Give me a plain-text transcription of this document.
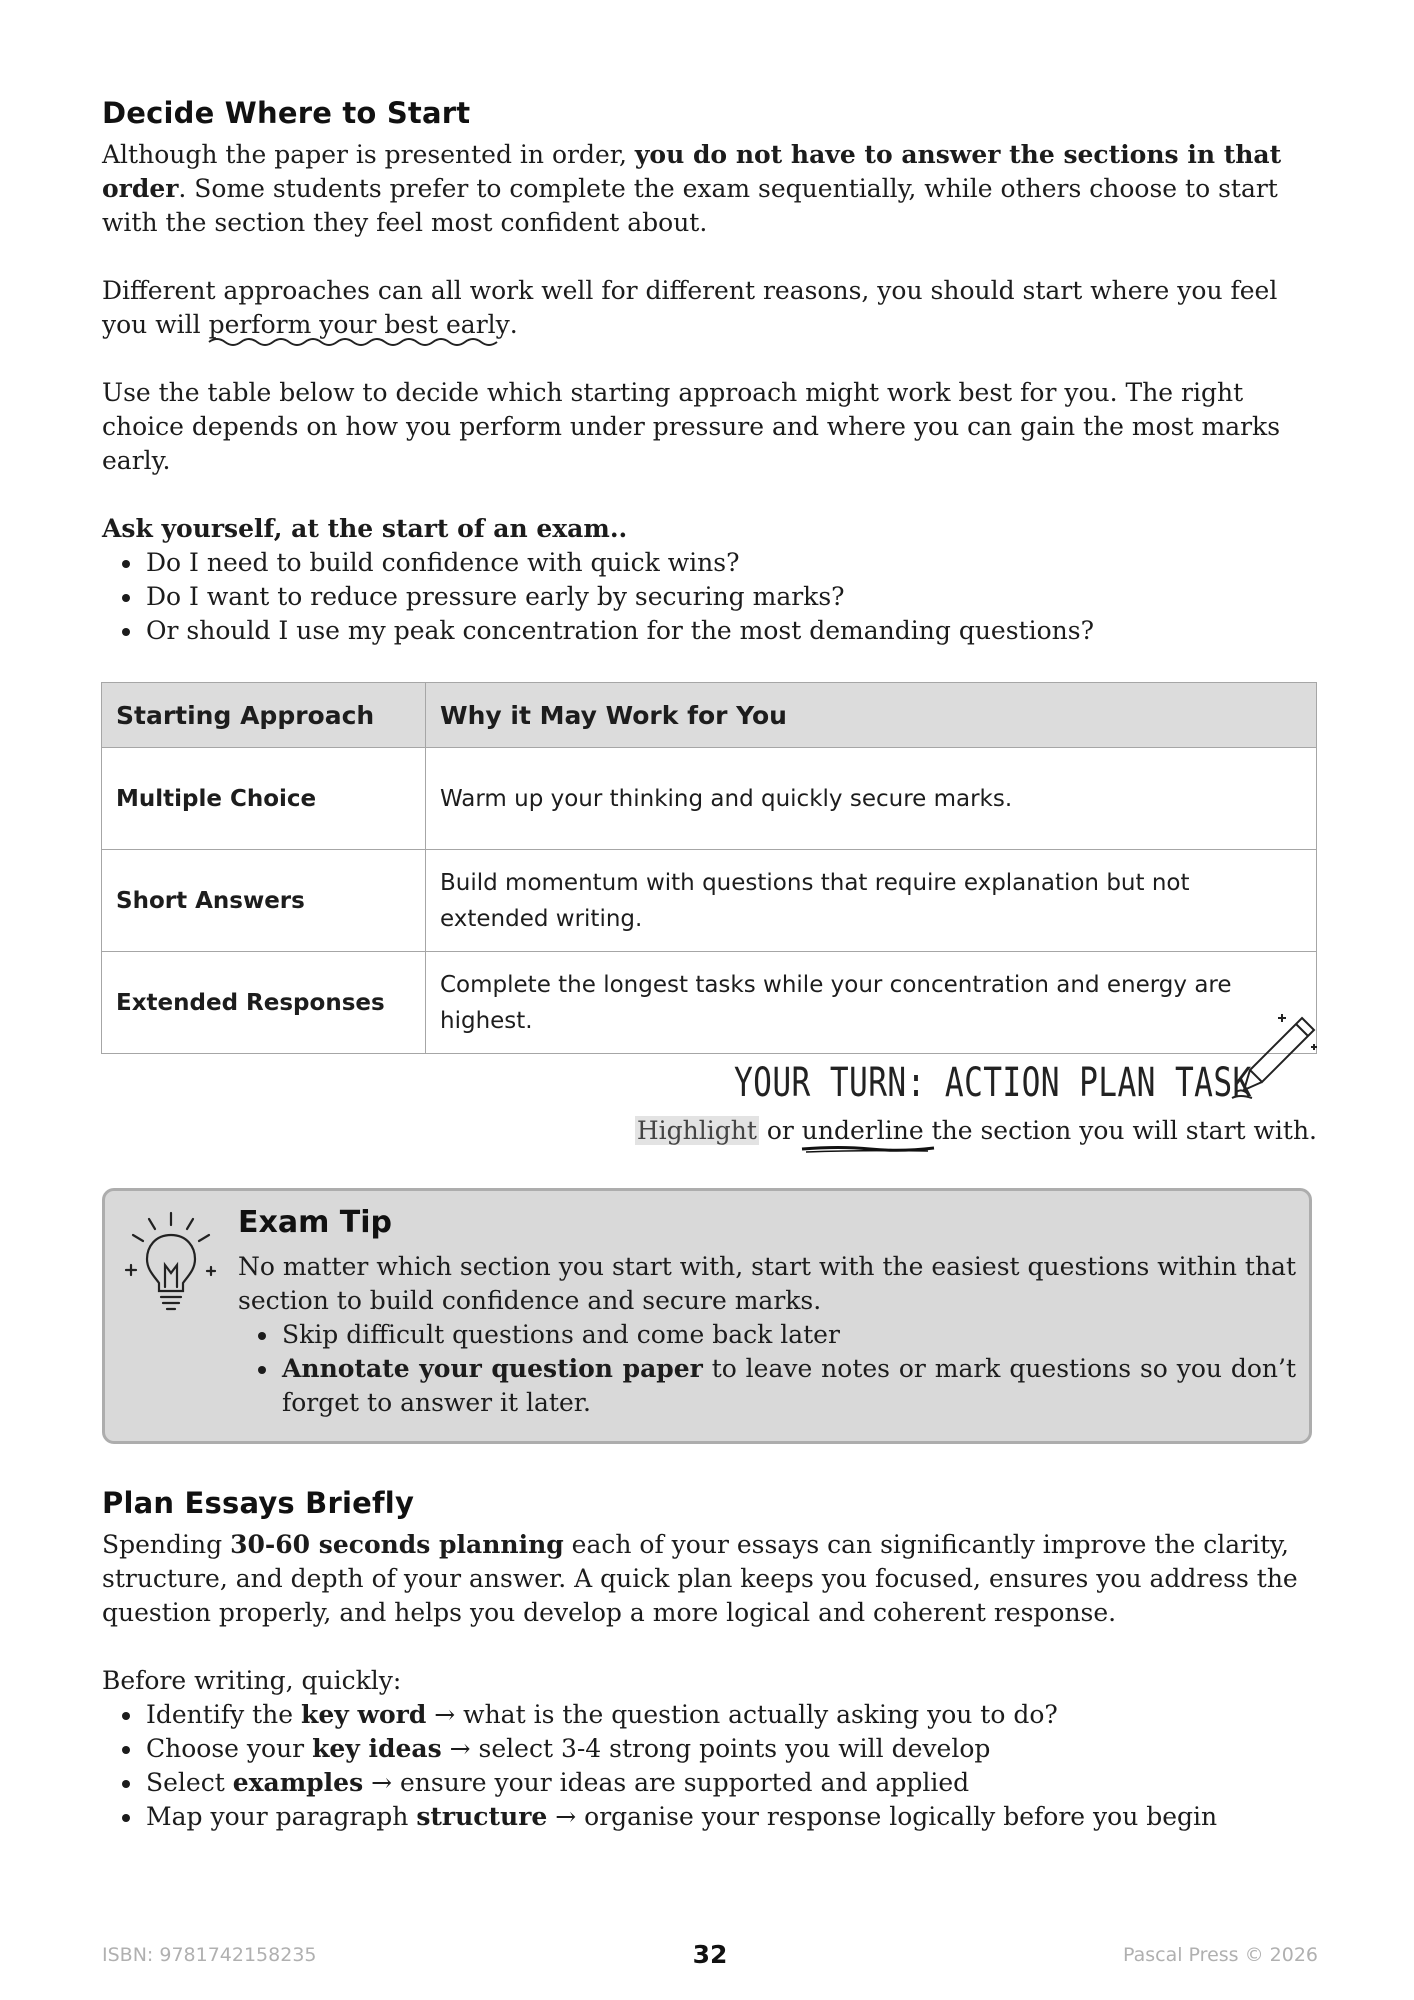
Decide Where to Start

Although the paper is presented in order, you do not have to answer the sections in that order. Some students prefer to complete the exam sequentially, while others choose to start with the section they feel most confident about.

Different approaches can all work well for different reasons, you should start where you feel you will perform your best early
.

Use the table below to decide which starting approach might work best for you. The right choice depends on how you perform under pressure and where you can gain the most marks early.

Ask yourself, at the start of an exam..

• Do I need to build confidence with quick wins?
• Do I want to reduce pressure early by securing marks?
• Or should I use my peak concentration for the most demanding questions?
Starting Approach	Why it May Work for You
Multiple Choice	Warm up your thinking and quickly secure marks.
Short Answers	Build momentum with questions that require explanation but not extended writing.
Extended Responses	Complete the longest tasks while your concentration and energy are highest.
YOUR TURN: ACTION PLAN TASK
Highlight or underline
the section you will start with.
Exam Tip

No matter which section you start with, start with the easiest questions within that section to build confidence and secure marks.

• Skip difficult questions and come back later
• Annotate your question paper to leave notes or mark questions so you don’t forget to answer it later.
Plan Essays Briefly

Spending 30-60 seconds planning each of your essays can significantly improve the clarity, structure, and depth of your answer. A quick plan keeps you focused, ensures you address the question properly, and helps you develop a more logical and coherent response.

Before writing, quickly:

• Identify the key word → what is the question actually asking you to do?
• Choose your key ideas → select 3-4 strong points you will develop
• Select examples → ensure your ideas are supported and applied
• Map your paragraph structure → organise your response logically before you begin
ISBN: 9781742158235	32	Pascal Press © 2026
